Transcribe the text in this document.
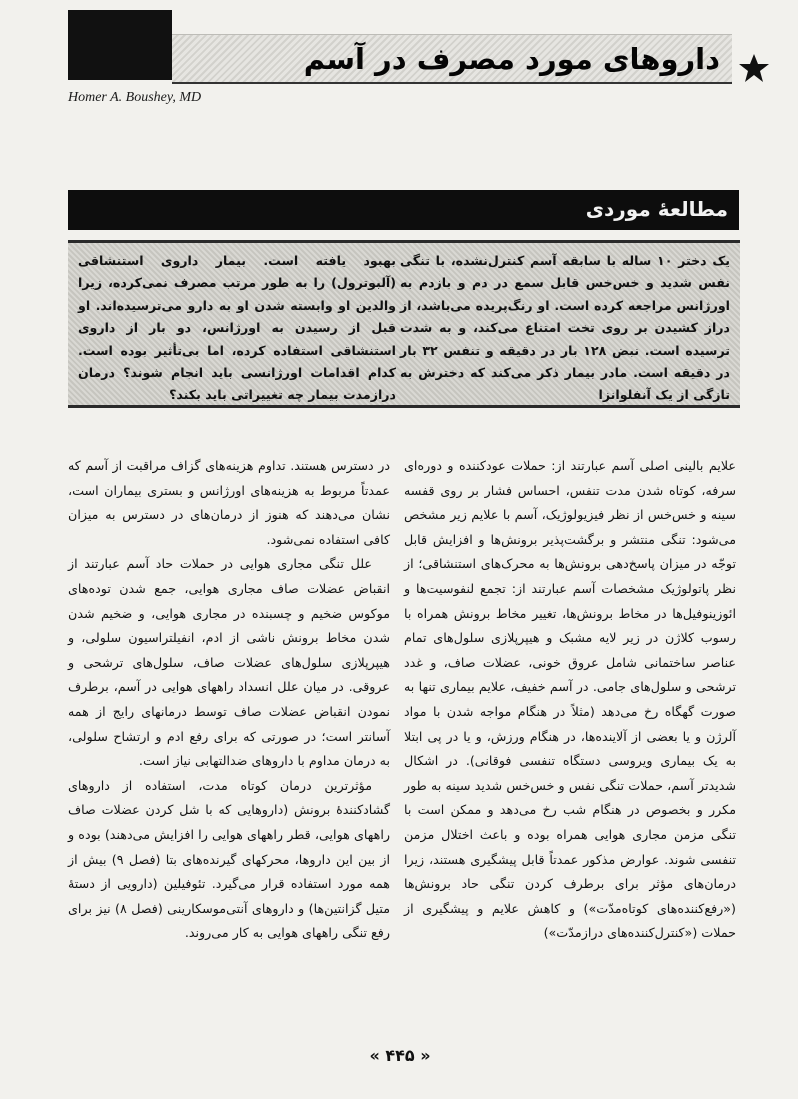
داروهای مورد مصرف در آسم
Homer A. Boushey, MD
مطالعهٔ موردی
یک دختر ۱۰ ساله با سابقه آسم کنترل‌نشده، با تنگی نفس شدید و خس‌خس قابل سمع در دم و بازدم به اورژانس مراجعه کرده است. او رنگ‌پریده می‌باشد، از دراز کشیدن بر روی تخت امتناع می‌کند، و به شدت ترسیده است. نبض ۱۲۸ بار در دقیقه و تنفس ۳۲ بار در دقیقه است. مادر بیمار ذکر می‌کند که دخترش به تازگی از یک آنفلوانزا
بهبود یافته است. بیمار داروی استنشاقی (آلبوترول) را به طور مرتب مصرف نمی‌کرده، زیرا والدین او وابسته شدن او به دارو می‌ترسیده‌اند. او قبل از رسیدن به اورژانس، دو بار از داروی استنشاقی استفاده کرده، اما بی‌تأثیر بوده است. کدام اقدامات اورژانسی باید انجام شوند؟ درمان درازمدت بیمار چه تغییراتی باید بکند؟
علایم بالینی اصلی آسم عبارتند از: حملات عودکننده و دوره‌ای سرفه، کوتاه شدن مدت تنفس، احساس فشار بر روی قفسه سینه و خس‌خس از نظر فیزیولوژیک، آسم با علایم زیر مشخص می‌شود: تنگی منتشر و برگشت‌پذیر برونش‌ها و افزایش قابل توجّه در میزان پاسخ‌دهی برونش‌ها به محرک‌های استنشاقی؛ از نظر پاتولوژیک مشخصات آسم عبارتند از: تجمع لنفوسیت‌ها و ائوزینوفیل‌ها در مخاط برونش‌ها، تغییر مخاط برونش همراه با رسوب کلاژن در زیر لایه مشبک و هیپرپلازی سلول‌های تمام عناصر ساختمانی شامل عروق خونی، عضلات صاف، و غدد ترشحی و سلول‌های جامی. در آسم خفیف، علایم بیماری تنها به صورت گهگاه رخ می‌دهد (مثلاً در هنگام مواجه شدن با مواد آلرژن و یا بعضی از آلاینده‌ها، در هنگام ورزش، و یا در پی ابتلا به یک بیماری ویروسی دستگاه تنفسی فوقانی). در اشکال شدیدتر آسم، حملات تنگی نفس و خس‌خس شدید سینه به طور مکرر و بخصوص در هنگام شب رخ می‌دهد و ممکن است با تنگی مزمن مجاری هوایی همراه بوده و باعث اختلال مزمن تنفسی شوند. عوارض مذکور عمدتاً قابل پیشگیری هستند، زیرا درمان‌های مؤثر برای برطرف کردن تنگی حاد برونش‌ها («رفع‌کننده‌های کوتاه‌مدّت») و کاهش علایم و پیشگیری از حملات («کنترل‌کننده‌های درازمدّت»)

در دسترس هستند. تداوم هزینه‌های گزاف مراقبت از آسم که عمدتاً مربوط به هزینه‌های اورژانس و بستری بیماران است، نشان می‌دهند که هنوز از درمان‌های در دسترس به میزان کافی استفاده نمی‌شود.

علل تنگی مجاری هوایی در حملات حاد آسم عبارتند از انقباض عضلات صاف مجاری هوایی، جمع شدن توده‌های موکوس ضخیم و چسبنده در مجاری هوایی، و ضخیم شدن شدن مخاط برونش ناشی از ادم، انفیلتراسیون سلولی، و هیپرپلازی سلول‌های عضلات صاف، سلول‌های ترشحی و عروقی. در میان علل انسداد راههای هوایی در آسم، برطرف نمودن انقباض عضلات صاف توسط درمانهای رایج از همه آسانتر است؛ در صورتی که برای رفع ادم و ارتشاح سلولی، به درمان مداوم با داروهای ضدالتهابی نیاز است.

مؤثرترین درمان کوتاه مدت، استفاده از داروهای گشادکنندهٔ برونش (داروهایی که با شل کردن عضلات صاف راههای هوایی، قطر راههای هوایی را افزایش می‌دهند) بوده و از بین این داروها، محرکهای گیرنده‌های بتا (فصل ۹) بیش از همه مورد استفاده قرار می‌گیرد. تئوفیلین (دارویی از دستهٔ متیل گزانتین‌ها) و داروهای آنتی‌موسکارینی (فصل ۸) نیز برای رفع تنگی راههای هوایی به کار می‌روند.

« ۴۴۵ »
